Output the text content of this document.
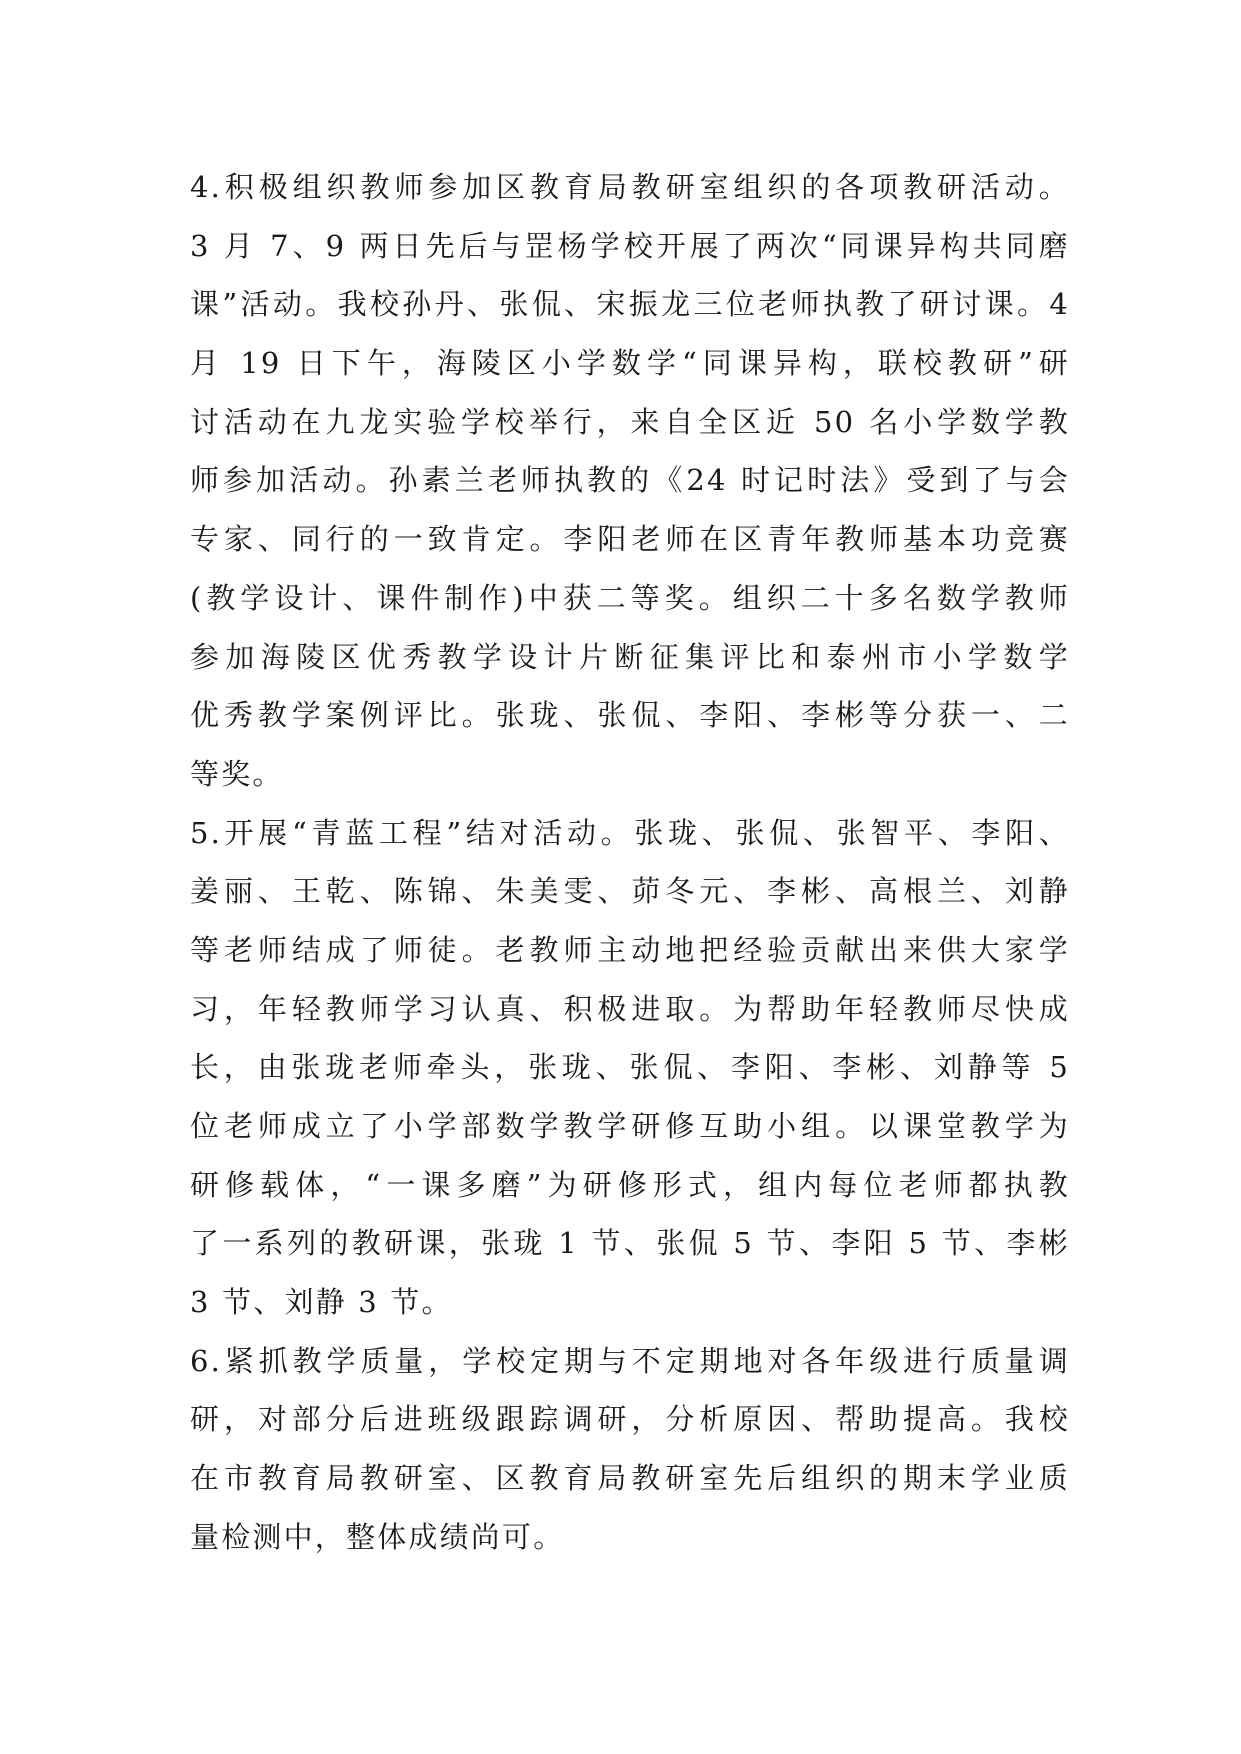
4.积极组织教师参加区教育局教研室组织的各项教研活动。
3 月 7、9 两日先后与罡杨学校开展了两次“同课异构共同磨
课”活动。我校孙丹、张侃、宋振龙三位老师执教了研讨课。4
月 19 日下午，海陵区小学数学“同课异构，联校教研”研
讨活动在九龙实验学校举行，来自全区近 50 名小学数学教
师参加活动。孙素兰老师执教的《24 时记时法》受到了与会
专家、同行的一致肯定。李阳老师在区青年教师基本功竞赛
(教学设计、课件制作)中获二等奖。组织二十多名数学教师
参加海陵区优秀教学设计片断征集评比和泰州市小学数学
优秀教学案例评比。张珑、张侃、李阳、李彬等分获一、二
等奖。
5.开展“青蓝工程”结对活动。张珑、张侃、张智平、李阳、
姜丽、王乾、陈锦、朱美雯、茆冬元、李彬、高根兰、刘静
等老师结成了师徒。老教师主动地把经验贡献出来供大家学
习，年轻教师学习认真、积极进取。为帮助年轻教师尽快成
长，由张珑老师牵头，张珑、张侃、李阳、李彬、刘静等 5
位老师成立了小学部数学教学研修互助小组。以课堂教学为
研修载体，“一课多磨”为研修形式，组内每位老师都执教
了一系列的教研课，张珑 1 节、张侃 5 节、李阳 5 节、李彬
3 节、刘静 3 节。
6.紧抓教学质量，学校定期与不定期地对各年级进行质量调
研，对部分后进班级跟踪调研，分析原因、帮助提高。我校
在市教育局教研室、区教育局教研室先后组织的期末学业质
量检测中，整体成绩尚可。
